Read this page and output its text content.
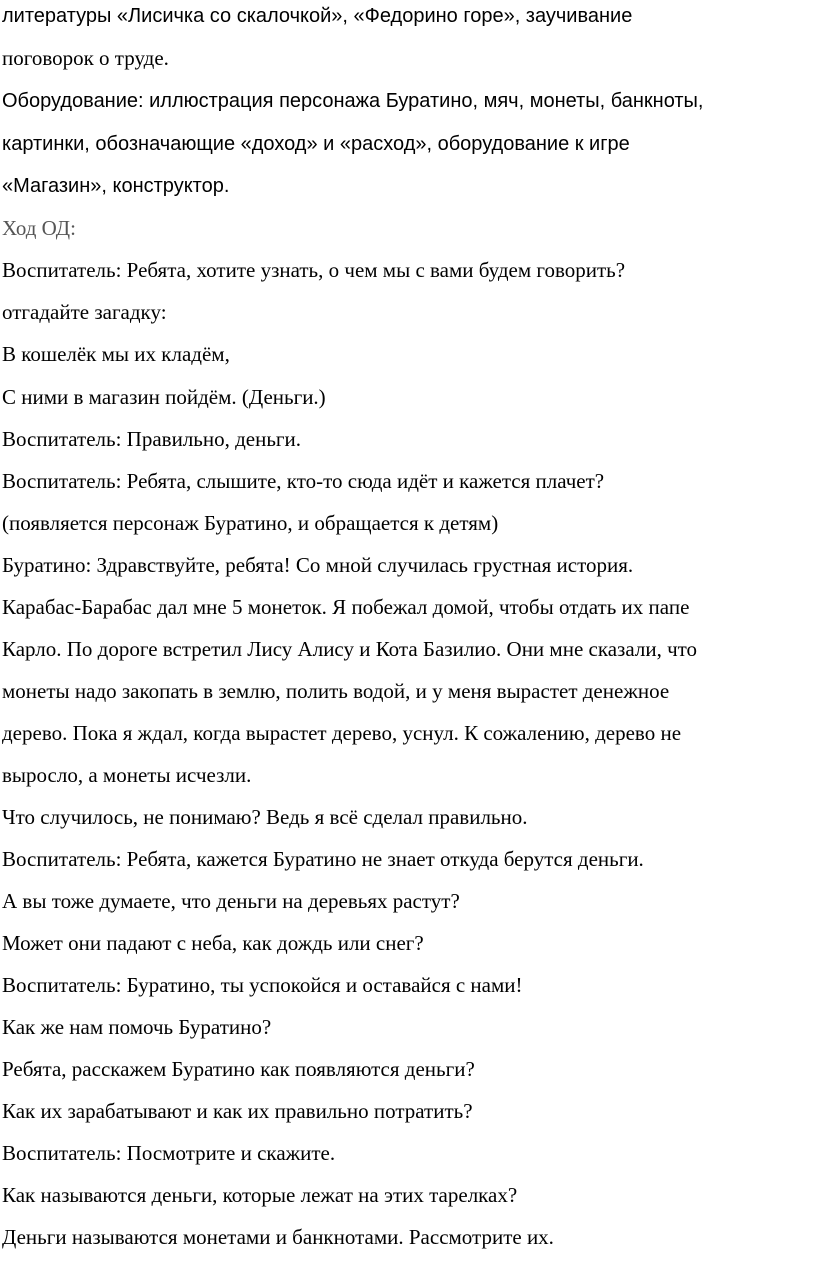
литературы «Лисичка со скалочкой», «Федорино горе», заучивание

поговорок о труде.

Оборудование: иллюстрация персонажа Буратино, мяч, монеты, банкноты,

картинки, обозначающие «доход» и «расход», оборудование к игре

«Магазин», конструктор.

Ход ОД:

Воспитатель: Ребята, хотите узнать, о чем мы с вами будем говорить?

отгадайте загадку:

В кошелёк мы их кладём,

С ними в магазин пойдём. (Деньги.)

Воспитатель: Правильно, деньги.

Воспитатель: Ребята, слышите, кто-то сюда идёт и кажется плачет?

(появляется персонаж Буратино, и обращается к детям)

Буратино: Здравствуйте, ребята! Со мной случилась грустная история.

Карабас-Барабас дал мне 5 монеток. Я побежал домой, чтобы отдать их папе

Карло. По дороге встретил Лису Алису и Кота Базилио. Они мне сказали, что

монеты надо закопать в землю, полить водой, и у меня вырастет денежное

дерево. Пока я ждал, когда вырастет дерево, уснул. К сожалению, дерево не

выросло, а монеты исчезли.

Что случилось, не понимаю? Ведь я всё сделал правильно.

Воспитатель: Ребята, кажется Буратино не знает откуда берутся деньги.

А вы тоже думаете, что деньги на деревьях растут?

Может они падают с неба, как дождь или снег?

Воспитатель: Буратино, ты успокойся и оставайся с нами!

Как же нам помочь Буратино?

Ребята, расскажем Буратино как появляются деньги?

Как их зарабатывают и как их правильно потратить?

Воспитатель: Посмотрите и скажите.

Как называются деньги, которые лежат на этих тарелках?

Деньги называются монетами и банкнотами. Рассмотрите их.
